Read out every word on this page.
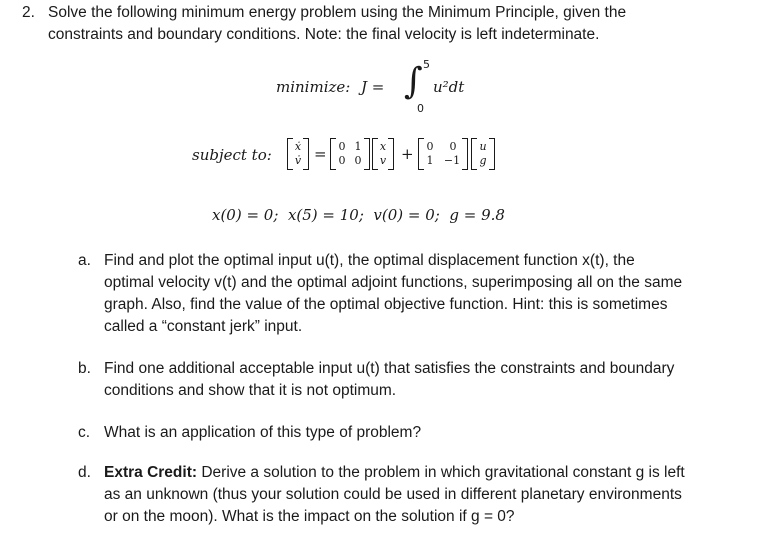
2. Solve the following minimum energy problem using the Minimum Principle, given the
constraints and boundary conditions. Note: the final velocity is left indeterminate.
minimize: J = ∫ 5
0
u²dt
subject to:	ẋ
v̇ = 0 1
0 0
x
v + 0	0
1 −1
u
g
x(0) = 0;  x(5) = 10;  v(0) = 0;  g = 9.8
a. Find and plot the optimal input u(t), the optimal displacement function x(t), the
optimal velocity v(t) and the optimal adjoint functions, superimposing all on the same
graph. Also, find the value of the optimal objective function. Hint: this is sometimes
called a “constant jerk” input.
b. Find one additional acceptable input u(t) that satisfies the constraints and boundary
conditions and show that it is not optimum.
c. What is an application of this type of problem?
d. Extra Credit: Derive a solution to the problem in which gravitational constant g is left
as an unknown (thus your solution could be used in different planetary environments
or on the moon). What is the impact on the solution if g = 0?
